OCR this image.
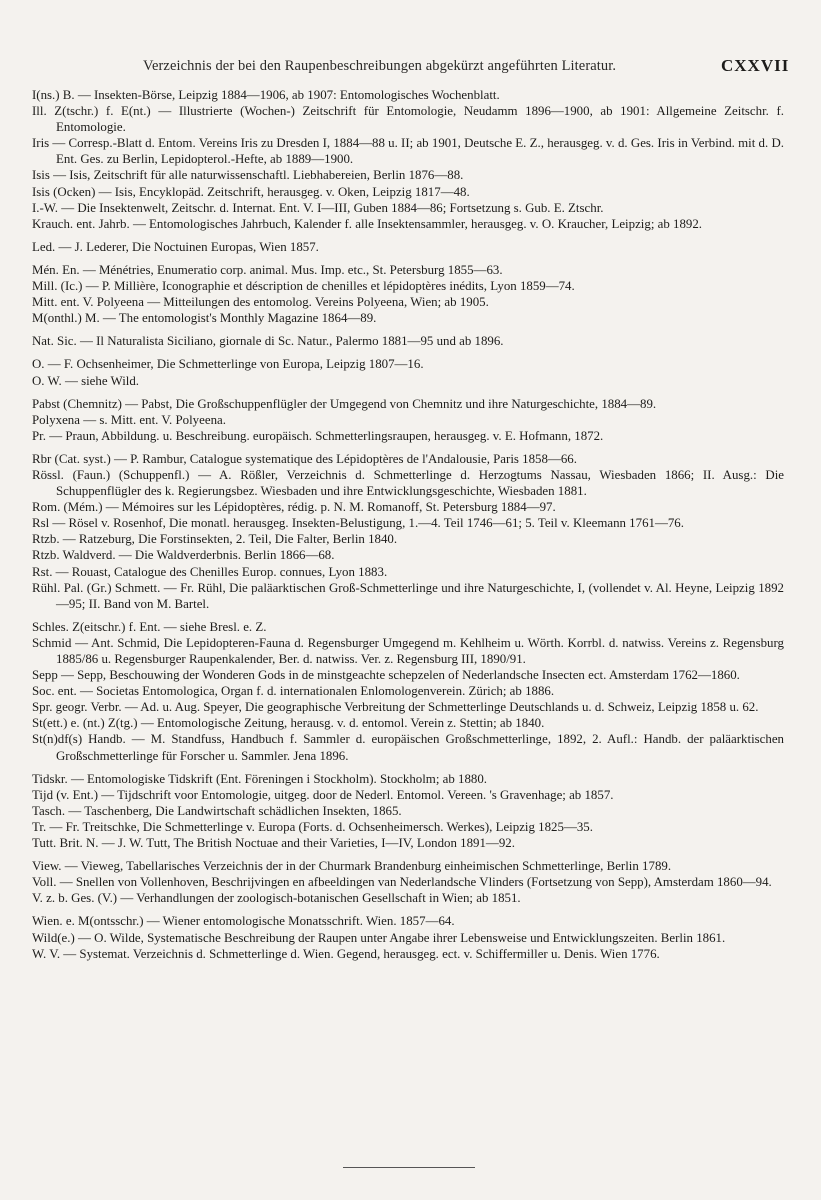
Verzeichnis der bei den Raupenbeschreibungen abgekürzt angeführten Literatur.	CXXVII

I(ns.) B. — Insekten-Börse, Leipzig 1884—1906, ab 1907: Entomologisches Wochenblatt.

Ill. Z(tschr.) f. E(nt.) — Illustrierte (Wochen-) Zeitschrift für Entomologie, Neudamm 1896—1900, ab 1901: Allgemeine Zeitschr. f. Entomologie.

Iris — Corresp.-Blatt d. Entom. Vereins Iris zu Dresden I, 1884—88 u. II; ab 1901, Deutsche E. Z., herausgeg. v. d. Ges. Iris in Verbind. mit d. D. Ent. Ges. zu Berlin, Lepidopterol.-Hefte, ab 1889—1900.

Isis — Isis, Zeitschrift für alle naturwissenschaftl. Liebhabereien, Berlin 1876—88.

Isis (Ocken) — Isis, Encyklopäd. Zeitschrift, herausgeg. v. Oken, Leipzig 1817—48.

I.-W. — Die Insektenwelt, Zeitschr. d. Internat. Ent. V. I—III, Guben 1884—86; Fortsetzung s. Gub. E. Ztschr.

Krauch. ent. Jahrb. — Entomologisches Jahrbuch, Kalender f. alle Insektensammler, herausgeg. v. O. Kraucher, Leipzig; ab 1892.

Led. — J. Lederer, Die Noctuinen Europas, Wien 1857.

Mén. En. — Ménétries, Enumeratio corp. animal. Mus. Imp. etc., St. Petersburg 1855—63.

Mill. (Ic.) — P. Millière, Iconographie et déscription de chenilles et lépidoptères inédits, Lyon 1859—74.

Mitt. ent. V. Polyeena — Mitteilungen des entomolog. Vereins Polyeena, Wien; ab 1905.

M(onthl.) M. — The entomologist's Monthly Magazine 1864—89.

Nat. Sic. — Il Naturalista Siciliano, giornale di Sc. Natur., Palermo 1881—95 und ab 1896.

O. — F. Ochsenheimer, Die Schmetterlinge von Europa, Leipzig 1807—16.

O. W. — siehe Wild.

Pabst (Chemnitz) — Pabst, Die Großschuppenflügler der Umgegend von Chemnitz und ihre Naturgeschichte, 1884—89.

Polyxena — s. Mitt. ent. V. Polyeena.

Pr. — Praun, Abbildung. u. Beschreibung. europäisch. Schmetterlingsraupen, herausgeg. v. E. Hofmann, 1872.

Rbr (Cat. syst.) — P. Rambur, Catalogue systematique des Lépidoptères de l'Andalousie, Paris 1858—66.

Rössl. (Faun.) (Schuppenfl.) — A. Rößler, Verzeichnis d. Schmetterlinge d. Herzogtums Nassau, Wiesbaden 1866; II. Ausg.: Die Schuppenflügler des k. Regierungsbez. Wiesbaden und ihre Entwicklungsgeschichte, Wiesbaden 1881.

Rom. (Mém.) — Mémoires sur les Lépidoptères, rédig. p. N. M. Romanoff, St. Petersburg 1884—97.

Rsl — Rösel v. Rosenhof, Die monatl. herausgeg. Insekten-Belustigung, 1.—4. Teil 1746—61; 5. Teil v. Kleemann 1761—76.

Rtzb. — Ratzeburg, Die Forstinsekten, 2. Teil, Die Falter, Berlin 1840.

Rtzb. Waldverd. — Die Waldverderbnis. Berlin 1866—68.

Rst. — Rouast, Catalogue des Chenilles Europ. connues, Lyon 1883.

Rühl. Pal. (Gr.) Schmett. — Fr. Rühl, Die paläarktischen Groß-Schmetterlinge und ihre Naturgeschichte, I, (vollendet v. Al. Heyne, Leipzig 1892—95; II. Band von M. Bartel.

Schles. Z(eitschr.) f. Ent. — siehe Bresl. e. Z.

Schmid — Ant. Schmid, Die Lepidopteren-Fauna d. Regensburger Umgegend m. Kehlheim u. Wörth. Korrbl. d. natwiss. Vereins z. Regensburg 1885/86 u. Regensburger Raupenkalender, Ber. d. natwiss. Ver. z. Regensburg III, 1890/91.

Sepp — Sepp, Beschouwing der Wonderen Gods in de minstgeachte schepzelen of Nederlandsche Insecten ect. Amsterdam 1762—1860.

Soc. ent. — Societas Entomologica, Organ f. d. internationalen Enlomologenverein. Zürich; ab 1886.

Spr. geogr. Verbr. — Ad. u. Aug. Speyer, Die geographische Verbreitung der Schmetterlinge Deutschlands u. d. Schweiz, Leipzig 1858 u. 62.

St(ett.) e. (nt.) Z(tg.) — Entomologische Zeitung, herausg. v. d. entomol. Verein z. Stettin; ab 1840.

St(n)df(s) Handb. — M. Standfuss, Handbuch f. Sammler d. europäischen Großschmetterlinge, 1892, 2. Aufl.: Handb. der paläarktischen Großschmetterlinge für Forscher u. Sammler. Jena 1896.

Tidskr. — Entomologiske Tidskrift (Ent. Föreningen i Stockholm). Stockholm; ab 1880.

Tijd (v. Ent.) — Tijdschrift voor Entomologie, uitgeg. door de Nederl. Entomol. Vereen. 's Gravenhage; ab 1857.

Tasch. — Taschenberg, Die Landwirtschaft schädlichen Insekten, 1865.

Tr. — Fr. Treitschke, Die Schmetterlinge v. Europa (Forts. d. Ochsenheimersch. Werkes), Leipzig 1825—35.

Tutt. Brit. N. — J. W. Tutt, The British Noctuae and their Varieties, I—IV, London 1891—92.

View. — Vieweg, Tabellarisches Verzeichnis der in der Churmark Brandenburg einheimischen Schmetterlinge, Berlin 1789.

Voll. — Snellen von Vollenhoven, Beschrijvingen en afbeeldingen van Nederlandsche Vlinders (Fortsetzung von Sepp), Amsterdam 1860—94.

V. z. b. Ges. (V.) — Verhandlungen der zoologisch-botanischen Gesellschaft in Wien; ab 1851.

Wien. e. M(ontsschr.) — Wiener entomologische Monatsschrift. Wien. 1857—64.

Wild(e.) — O. Wilde, Systematische Beschreibung der Raupen unter Angabe ihrer Lebensweise und Entwicklungszeiten. Berlin 1861.

W. V. — Systemat. Verzeichnis d. Schmetterlinge d. Wien. Gegend, herausgeg. ect. v. Schiffermiller u. Denis. Wien 1776.
